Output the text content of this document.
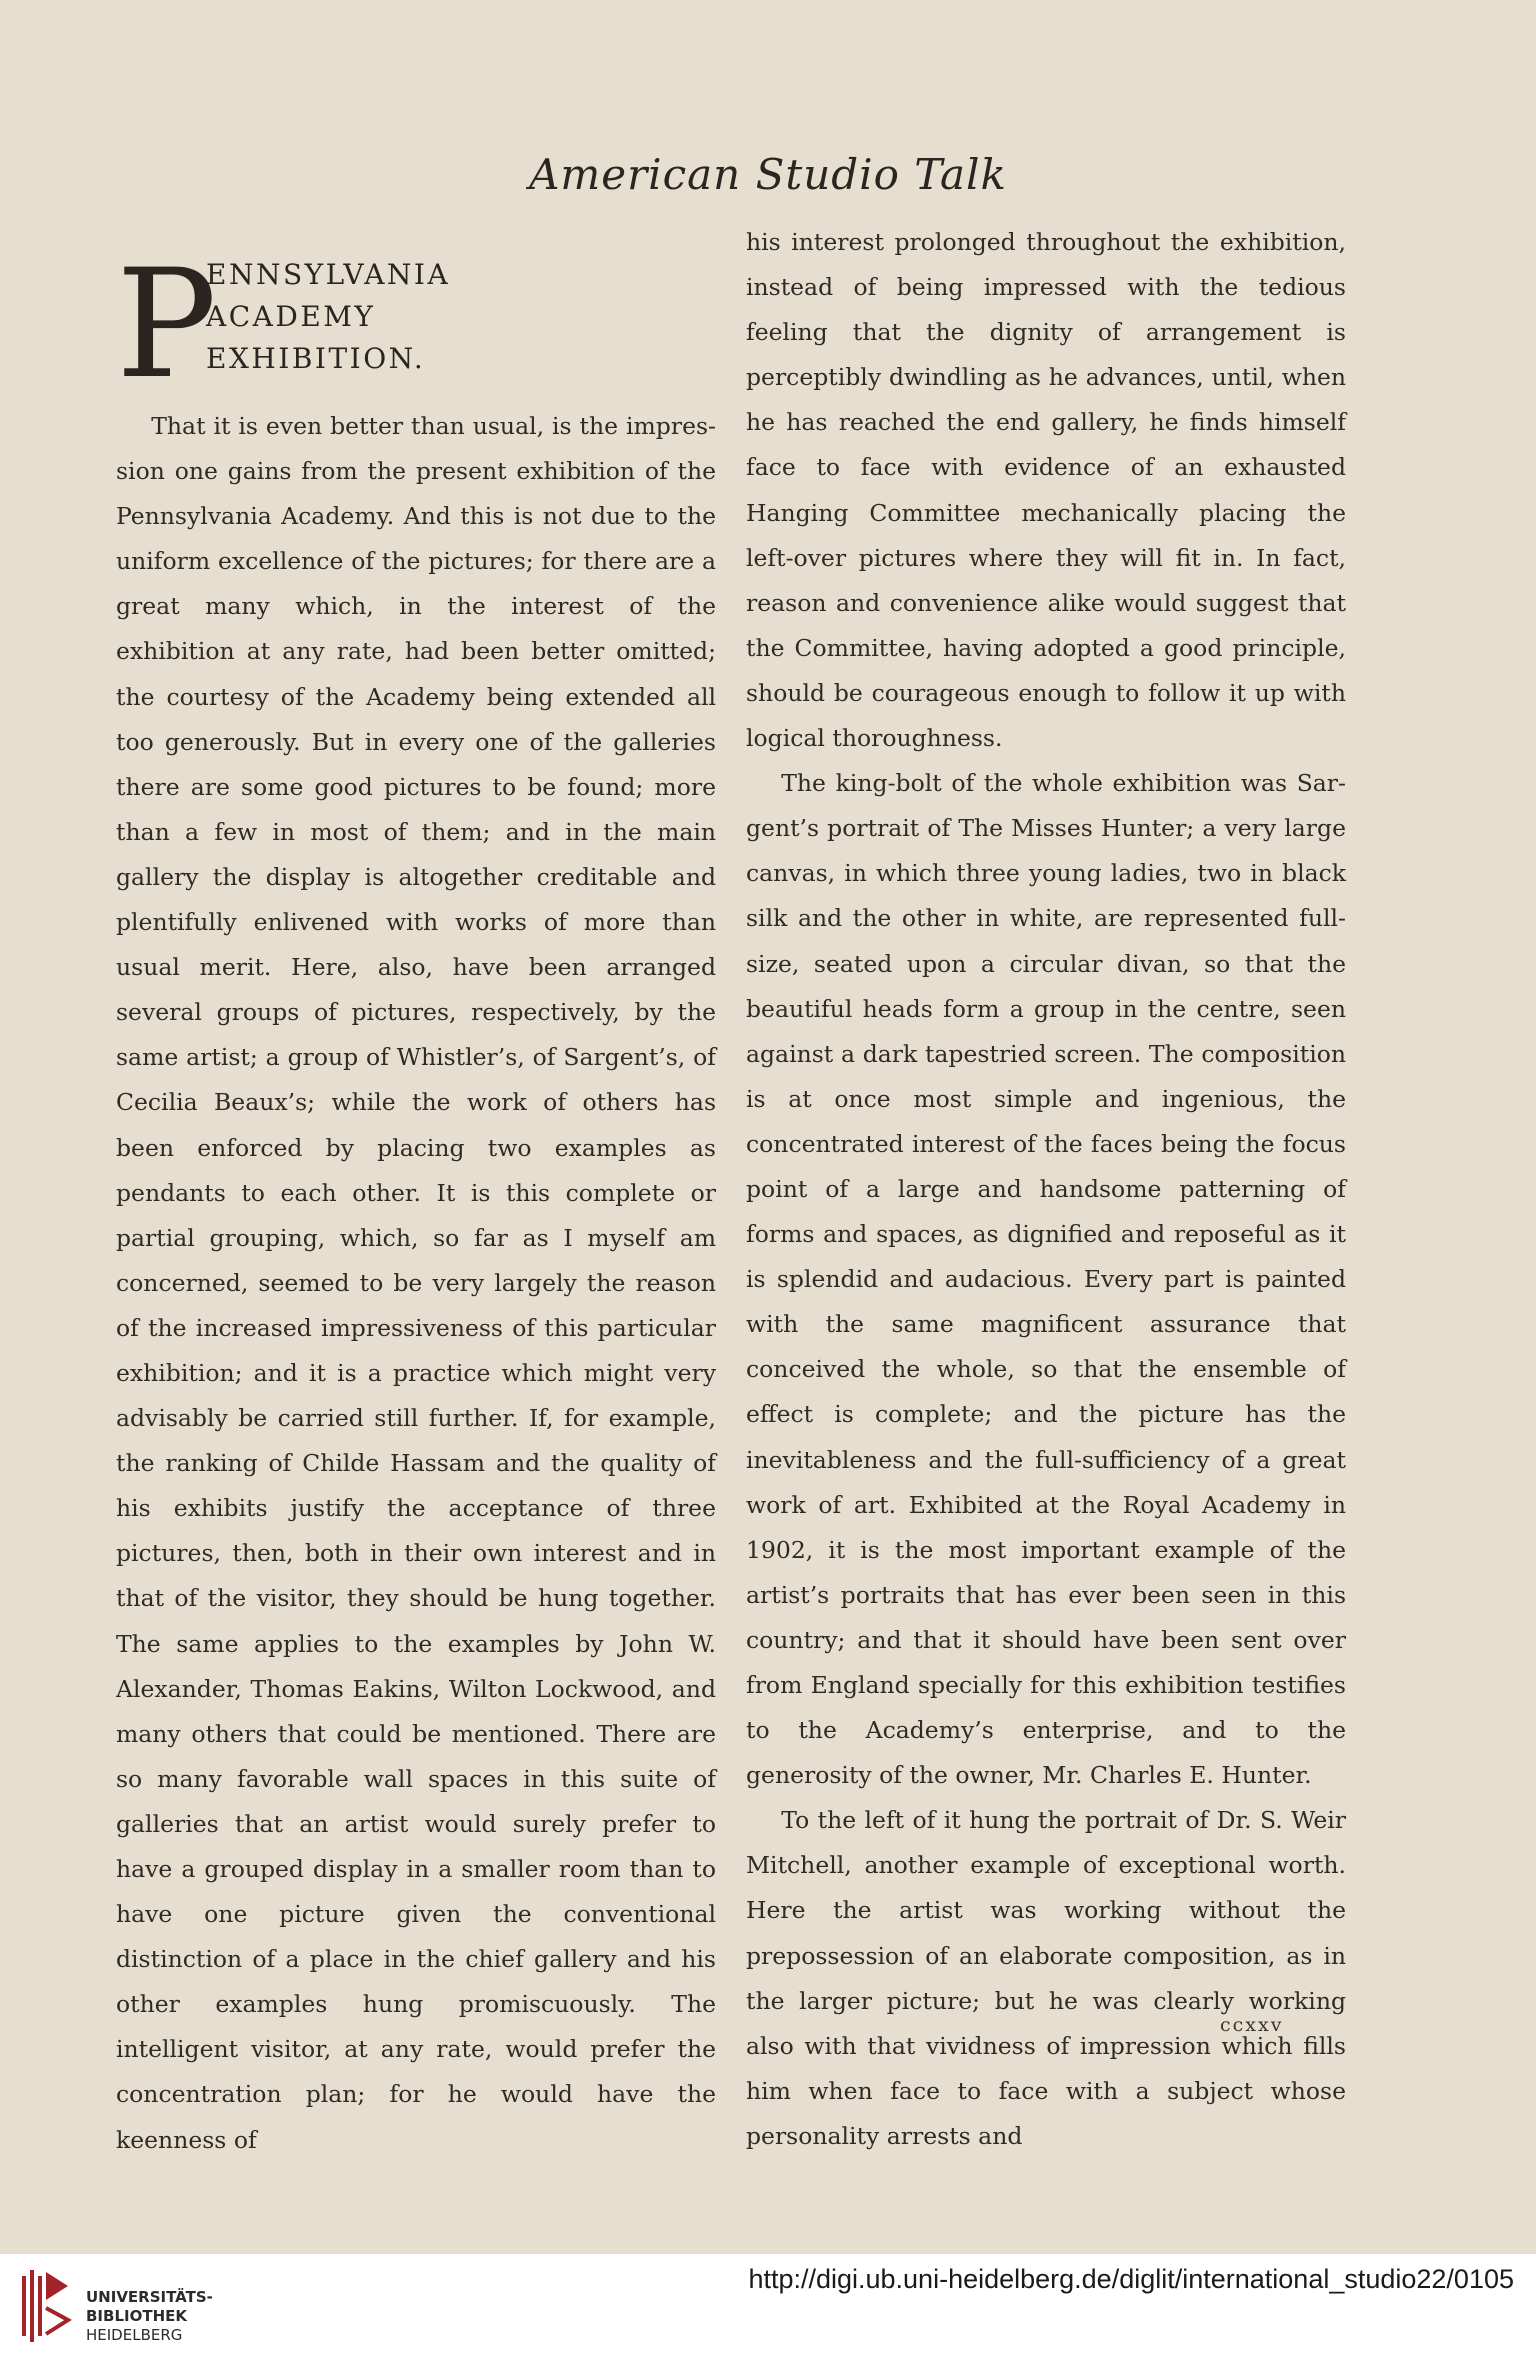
American Studio Talk
P
ENNSYLVANIA ACADEMY EXHIBITION.

That it is even better than usual, is the impression one gains from the present exhibition of the Pennsylvania Academy. And this is not due to the uniform excellence of the pictures; for there are a great many which, in the interest of the exhibition at any rate, had been better omitted; the courtesy of the Academy being extended all too generously. But in every one of the galleries there are some good pictures to be found; more than a few in most of them; and in the main gallery the display is altogether creditable and plentifully enlivened with works of more than usual merit. Here, also, have been arranged several groups of pictures, respectively, by the same artist; a group of Whistler’s, of Sargent’s, of Cecilia Beaux’s; while the work of others has been enforced by placing two examples as pendants to each other. It is this complete or partial grouping, which, so far as I myself am concerned, seemed to be very largely the reason of the increased impressiveness of this particular exhibition; and it is a practice which might very advisably be carried still further. If, for example, the ranking of Childe Hassam and the quality of his exhibits justify the acceptance of three pictures, then, both in their own interest and in that of the visitor, they should be hung together. The same applies to the examples by John W. Alexander, Thomas Eakins, Wilton Lockwood, and many others that could be mentioned. There are so many favorable wall spaces in this suite of galleries that an artist would surely prefer to have a grouped display in a smaller room than to have one picture given the conventional distinction of a place in the chief gallery and his other examples hung promiscuously. The intelligent visitor, at any rate, would prefer the concentration plan; for he would have the keenness of

his interest prolonged throughout the exhibition, instead of being impressed with the tedious feeling that the dignity of arrangement is perceptibly dwindling as he advances, until, when he has reached the end gallery, he finds himself face to face with evidence of an exhausted Hanging Committee mechanically placing the left-over pictures where they will fit in. In fact, reason and convenience alike would suggest that the Committee, having adopted a good principle, should be courageous enough to follow it up with logical thoroughness.

The king-bolt of the whole exhibition was Sargent’s portrait of The Misses Hunter; a very large canvas, in which three young ladies, two in black silk and the other in white, are represented full-size, seated upon a circular divan, so that the beautiful heads form a group in the centre, seen against a dark tapestried screen. The composition is at once most simple and ingenious, the concentrated interest of the faces being the focus point of a large and handsome patterning of forms and spaces, as dignified and reposeful as it is splendid and audacious. Every part is painted with the same magnificent assurance that conceived the whole, so that the ensemble of effect is complete; and the picture has the inevitableness and the full-sufficiency of a great work of art. Exhibited at the Royal Academy in 1902, it is the most important example of the artist’s portraits that has ever been seen in this country; and that it should have been sent over from England specially for this exhibition testifies to the Academy’s enterprise, and to the generosity of the owner, Mr. Charles E. Hunter.

To the left of it hung the portrait of Dr. S. Weir Mitchell, another example of exceptional worth. Here the artist was working without the prepossession of an elaborate composition, as in the larger picture; but he was clearly working also with that vividness of impression which fills him when face to face with a subject whose personality arrests and

ccxxv
UNIVERSITÄTS-
BIBLIOTHEK
HEIDELBERG
http://digi.ub.uni-heidelberg.de/diglit/international_studio22/0105
